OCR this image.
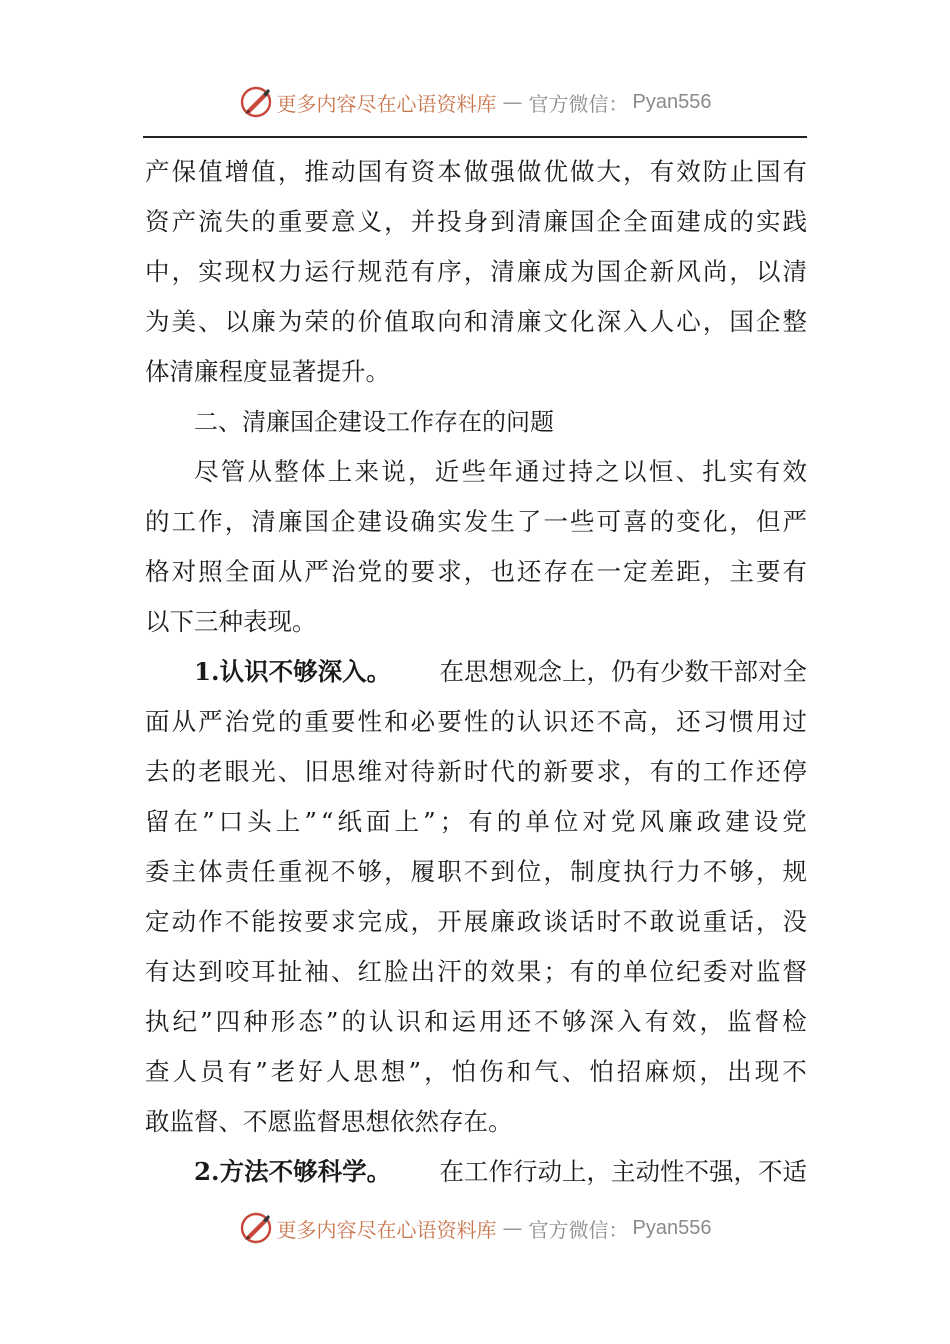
更多内容尽在心语资料库 — 官方微信： Pyan556
产 保 值 增 值 ， 推 动 国 有 资 本 做 强 做 优 做 大 ， 有 效 防 止 国 有
资 产 流 失 的 重 要 意 义 ， 并 投 身 到 清 廉 国 企 全 面 建 成 的 实 践
中 ， 实 现 权 力 运 行 规 范 有 序 ， 清 廉 成 为 国 企 新 风 尚 ， 以 清
为 美 、 以 廉 为 荣 的 价 值 取 向 和 清 廉 文 化 深 入 人 心 ， 国 企 整
体清廉程度显著提升。
二、清廉国企建设工作存在的问题
尽 管 从 整 体 上 来 说 ， 近 些 年 通 过 持 之 以 恒 、 扎 实 有 效
的 工 作 ， 清 廉 国 企 建 设 确 实 发 生 了 一 些 可 喜 的 变 化 ， 但 严
格 对 照 全 面 从 严 治 党 的 要 求 ， 也 还 存 在 一 定 差 距 ， 主 要 有
以下三种表现。
1.认识不够深入。 在思想观念上，仍有少数干部对全
面 从 严 治 党 的 重 要 性 和 必 要 性 的 认 识 还 不 高 ， 还 习 惯 用 过
去 的 老 眼 光 、 旧 思 维 对 待 新 时 代 的 新 要 求 ， 有 的 工 作 还 停
留 在 ” 口 头 上 ” “ 纸 面 上 ” ； 有 的 单 位 对 党 风 廉 政 建 设 党
委 主 体 责 任 重 视 不 够 ， 履 职 不 到 位 ， 制 度 执 行 力 不 够 ， 规
定 动 作 不 能 按 要 求 完 成 ， 开 展 廉 政 谈 话 时 不 敢 说 重 话 ， 没
有 达 到 咬 耳 扯 袖 、 红 脸 出 汗 的 效 果 ； 有 的 单 位 纪 委 对 监 督
执 纪 ” 四 种 形 态 ” 的 认 识 和 运 用 还 不 够 深 入 有 效 ， 监 督 检
查 人 员 有 ” 老 好 人 思 想 ” ， 怕 伤 和 气 、 怕 招 麻 烦 ， 出 现 不
敢监督、不愿监督思想依然存在。
2.方法不够科学。 在工作行动上，主动性不强，不适
更多内容尽在心语资料库 — 官方微信： Pyan556
